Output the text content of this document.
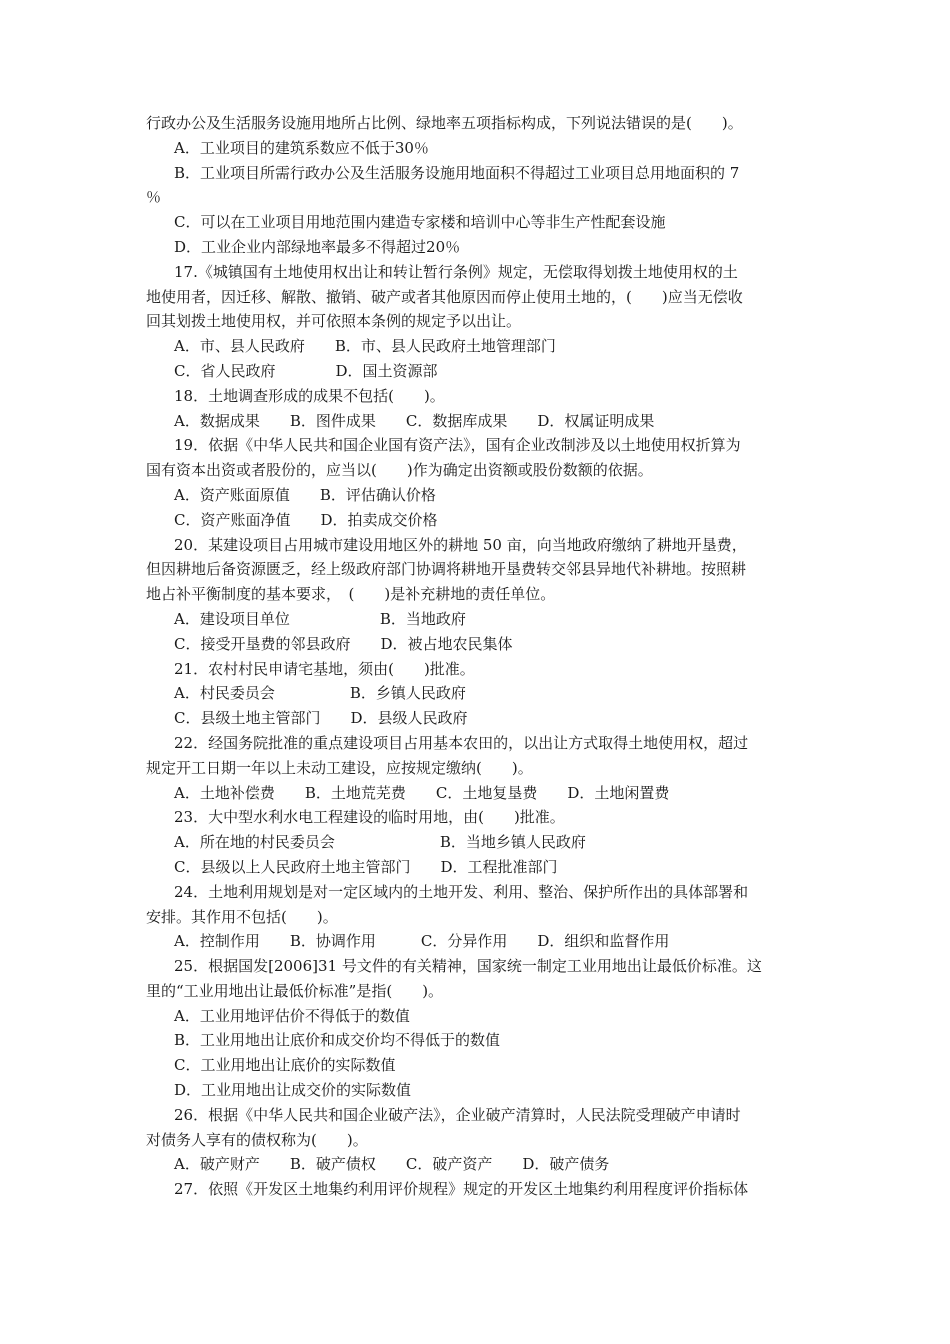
行政办公及生活服务设施用地所占比例、绿地率五项指标构成，下列说法错误的是(　　)。
A．工业项目的建筑系数应不低于30％
B．工业项目所需行政办公及生活服务设施用地面积不得超过工业项目总用地面积的 7
％
C．可以在工业项目用地范围内建造专家楼和培训中心等非生产性配套设施
D．工业企业内部绿地率最多不得超过20％
17.《城镇国有土地使用权出让和转让暂行条例》规定，无偿取得划拨土地使用权的土
地使用者，因迁移、解散、撤销、破产或者其他原因而停止使用土地的，(　　)应当无偿收
回其划拨土地使用权，并可依照本条例的规定予以出让。
A．市、县人民政府　　B．市、县人民政府土地管理部门
C．省人民政府　　　　D．国土资源部
18．土地调查形成的成果不包括(　　)。
A．数据成果　　B．图件成果　　C．数据库成果　　D．权属证明成果
19．依据《中华人民共和国企业国有资产法》，国有企业改制涉及以土地使用权折算为
国有资本出资或者股份的，应当以(　　)作为确定出资额或股份数额的依据。
A．资产账面原值　　B．评估确认价格
C．资产账面净值　　D．拍卖成交价格
20．某建设项目占用城市建设用地区外的耕地 50 亩，向当地政府缴纳了耕地开垦费，
但因耕地后备资源匮乏，经上级政府部门协调将耕地开垦费转交邻县异地代补耕地。按照耕
地占补平衡制度的基本要求，　(　　)是补充耕地的责任单位。
A．建设项目单位　　　　　　B．当地政府
C．接受开垦费的邻县政府　　D．被占地农民集体
21．农村村民申请宅基地，须由(　　)批准。
A．村民委员会　　　　　B．乡镇人民政府
C．县级土地主管部门　　D．县级人民政府
22．经国务院批准的重点建设项目占用基本农田的，以出让方式取得土地使用权，超过
规定开工日期一年以上未动工建设，应按规定缴纳(　　)。
A．土地补偿费　　B．土地荒芜费　　C．土地复垦费　　D．土地闲置费
23．大中型水利水电工程建设的临时用地，由(　　)批准。
A．所在地的村民委员会　　　　　　　B．当地乡镇人民政府
C．县级以上人民政府土地主管部门　　D．工程批准部门
24．土地利用规划是对一定区域内的土地开发、利用、整治、保护所作出的具体部署和
安排。其作用不包括(　　)。
A．控制作用　　B．协调作用　　　C．分异作用　　D．组织和监督作用
25．根据国发[2006]31 号文件的有关精神，国家统一制定工业用地出让最低价标准。这
里的“工业用地出让最低价标准”是指(　　)。
A．工业用地评估价不得低于的数值
B．工业用地出让底价和成交价均不得低于的数值
C．工业用地出让底价的实际数值
D．工业用地出让成交价的实际数值
26．根据《中华人民共和国企业破产法》，企业破产清算时，人民法院受理破产申请时
对债务人享有的债权称为(　　)。
A．破产财产　　B．破产债权　　C．破产资产　　D．破产债务
27．依照《开发区土地集约利用评价规程》规定的开发区土地集约利用程度评价指标体
